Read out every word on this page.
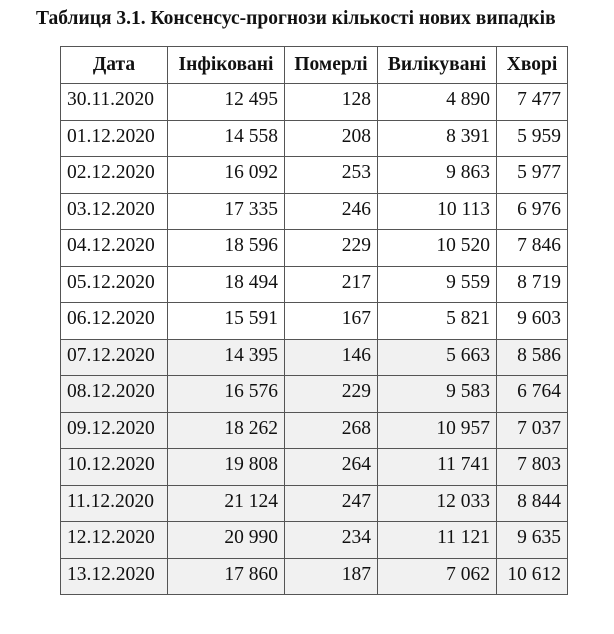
Таблиця 3.1. Консенсус-прогнози кількості нових випадків
Дата	Інфіковані	Померлі	Вилікувані	Хворі
30.11.2020	12 495	128	4 890	7 477
01.12.2020	14 558	208	8 391	5 959
02.12.2020	16 092	253	9 863	5 977
03.12.2020	17 335	246	10 113	6 976
04.12.2020	18 596	229	10 520	7 846
05.12.2020	18 494	217	9 559	8 719
06.12.2020	15 591	167	5 821	9 603
07.12.2020	14 395	146	5 663	8 586
08.12.2020	16 576	229	9 583	6 764
09.12.2020	18 262	268	10 957	7 037
10.12.2020	19 808	264	11 741	7 803
11.12.2020	21 124	247	12 033	8 844
12.12.2020	20 990	234	11 121	9 635
13.12.2020	17 860	187	7 062	10 612
